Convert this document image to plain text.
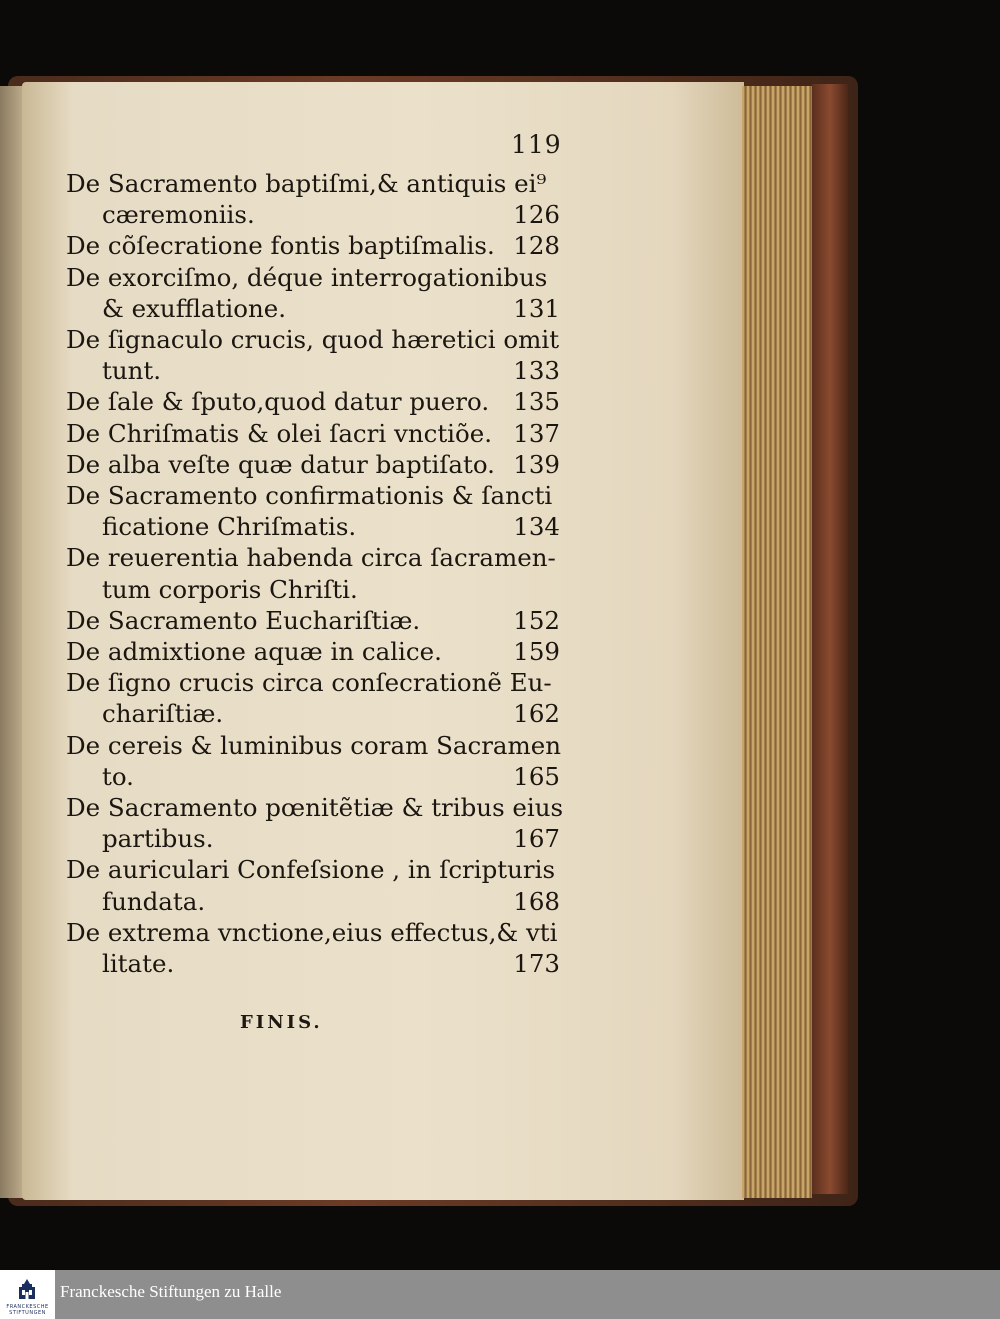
119
De Sacramento baptiſmi,& antiquis ei⁹
cæremoniis.	126
De cõſecratione fontis baptiſmalis. 128
De exorciſmo, déque interrogationibus
& exufflatione.	131
De ſignaculo crucis, quod hæretici omit
tunt.	133
De ſale & ſputo,quod datur puero. 135
De Chriſmatis & olei ſacri vnctiõe. 137
De alba veſte quæ datur baptiſato. 139
De Sacramento confirmationis & ſancti
ficatione Chriſmatis.	134
De reuerentia habenda circa ſacramen-
tum corporis Chriſti.
De Sacramento Euchariſtiæ.	152
De admixtione aquæ in calice.	159
De ſigno crucis circa conſecrationẽ Eu-
chariſtiæ.	162
De cereis & luminibus coram Sacramen
to.	165
De Sacramento pœnitẽtiæ & tribus eius
partibus.	167
De auriculari Confeſsione , in ſcripturis
fundata.	168
De extrema vnctione,eius effectus,& vti
litate.	173
FINIS.
FRANCKESCHE STIFTUNGEN
Franckesche Stiftungen zu Halle
